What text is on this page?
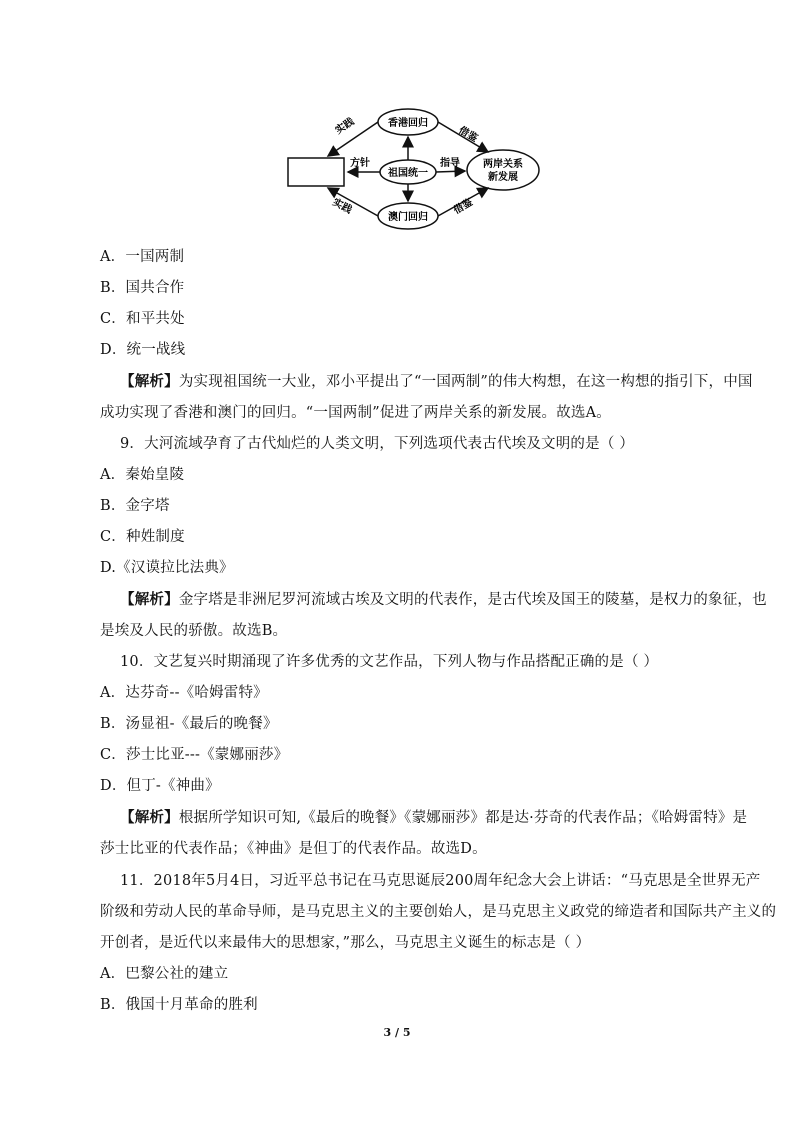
香港回归
祖国统一
澳门回归
两岸关系
新发展
实践
实践
方针	指导
借鉴
借鉴
A．一国两制
B．国共合作
C．和平共处
D．统一战线
【解析】为实现祖国统一大业，邓小平提出了“一国两制”的伟大构想，在这一构想的指引下，中国
成功实现了香港和澳门的回归。“一国两制”促进了两岸关系的新发展。故选A。
9．大河流域孕育了古代灿烂的人类文明，下列选项代表古代埃及文明的是（ ）
A．秦始皇陵
B．金字塔
C．种姓制度
D.《汉谟拉比法典》
【解析】金字塔是非洲尼罗河流域古埃及文明的代表作，是古代埃及国王的陵墓，是权力的象征，也
是埃及人民的骄傲。故选B。
10．文艺复兴时期涌现了许多优秀的文艺作品，下列人物与作品搭配正确的是（ ）
A．达芬奇--《哈姆雷特》
B．汤显祖-《最后的晚餐》
C．莎士比亚---《蒙娜丽莎》
D．但丁-《神曲》
【解析】根据所学知识可知,《最后的晚餐》《蒙娜丽莎》都是达·芬奇的代表作品；《哈姆雷特》是
莎士比亚的代表作品；《神曲》是但丁的代表作品。故选D。
11．2018年5月4日，习近平总书记在马克思诞辰200周年纪念大会上讲话：“马克思是全世界无产
阶级和劳动人民的革命导师，是马克思主义的主要创始人，是马克思主义政党的缔造者和国际共产主义的
开创者，是近代以来最伟大的思想家，”那么，马克思主义诞生的标志是（ ）
A．巴黎公社的建立
B．俄国十月革命的胜利
3 / 5
